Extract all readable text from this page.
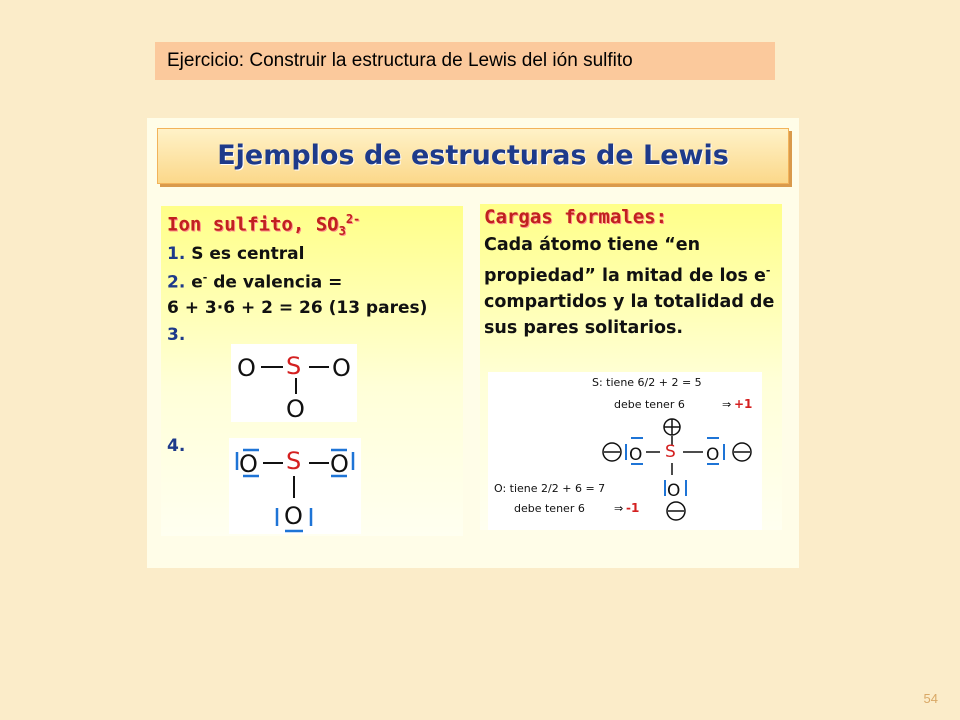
Ejercicio: Construir la estructura de Lewis del ión sulfito
Ejemplos de estructuras de Lewis
Ion sulfito, $SO_3^{2-}$
1. S es central
2. e- de valencia =
6 + 3·6 + 2 = 26 (13 pares)
3.
4.
O S O
O
O S O
O
Cargas formales:

Cada átomo tiene “en propiedad” la mitad de los e- compartidos y la totalidad de sus pares solitarios.

S: tiene 6/2 + 2 = 5
debe tener 6	⇒ +1
O S O
O
O: tiene 2/2 + 6 = 7
debe tener 6	⇒ -1
54
